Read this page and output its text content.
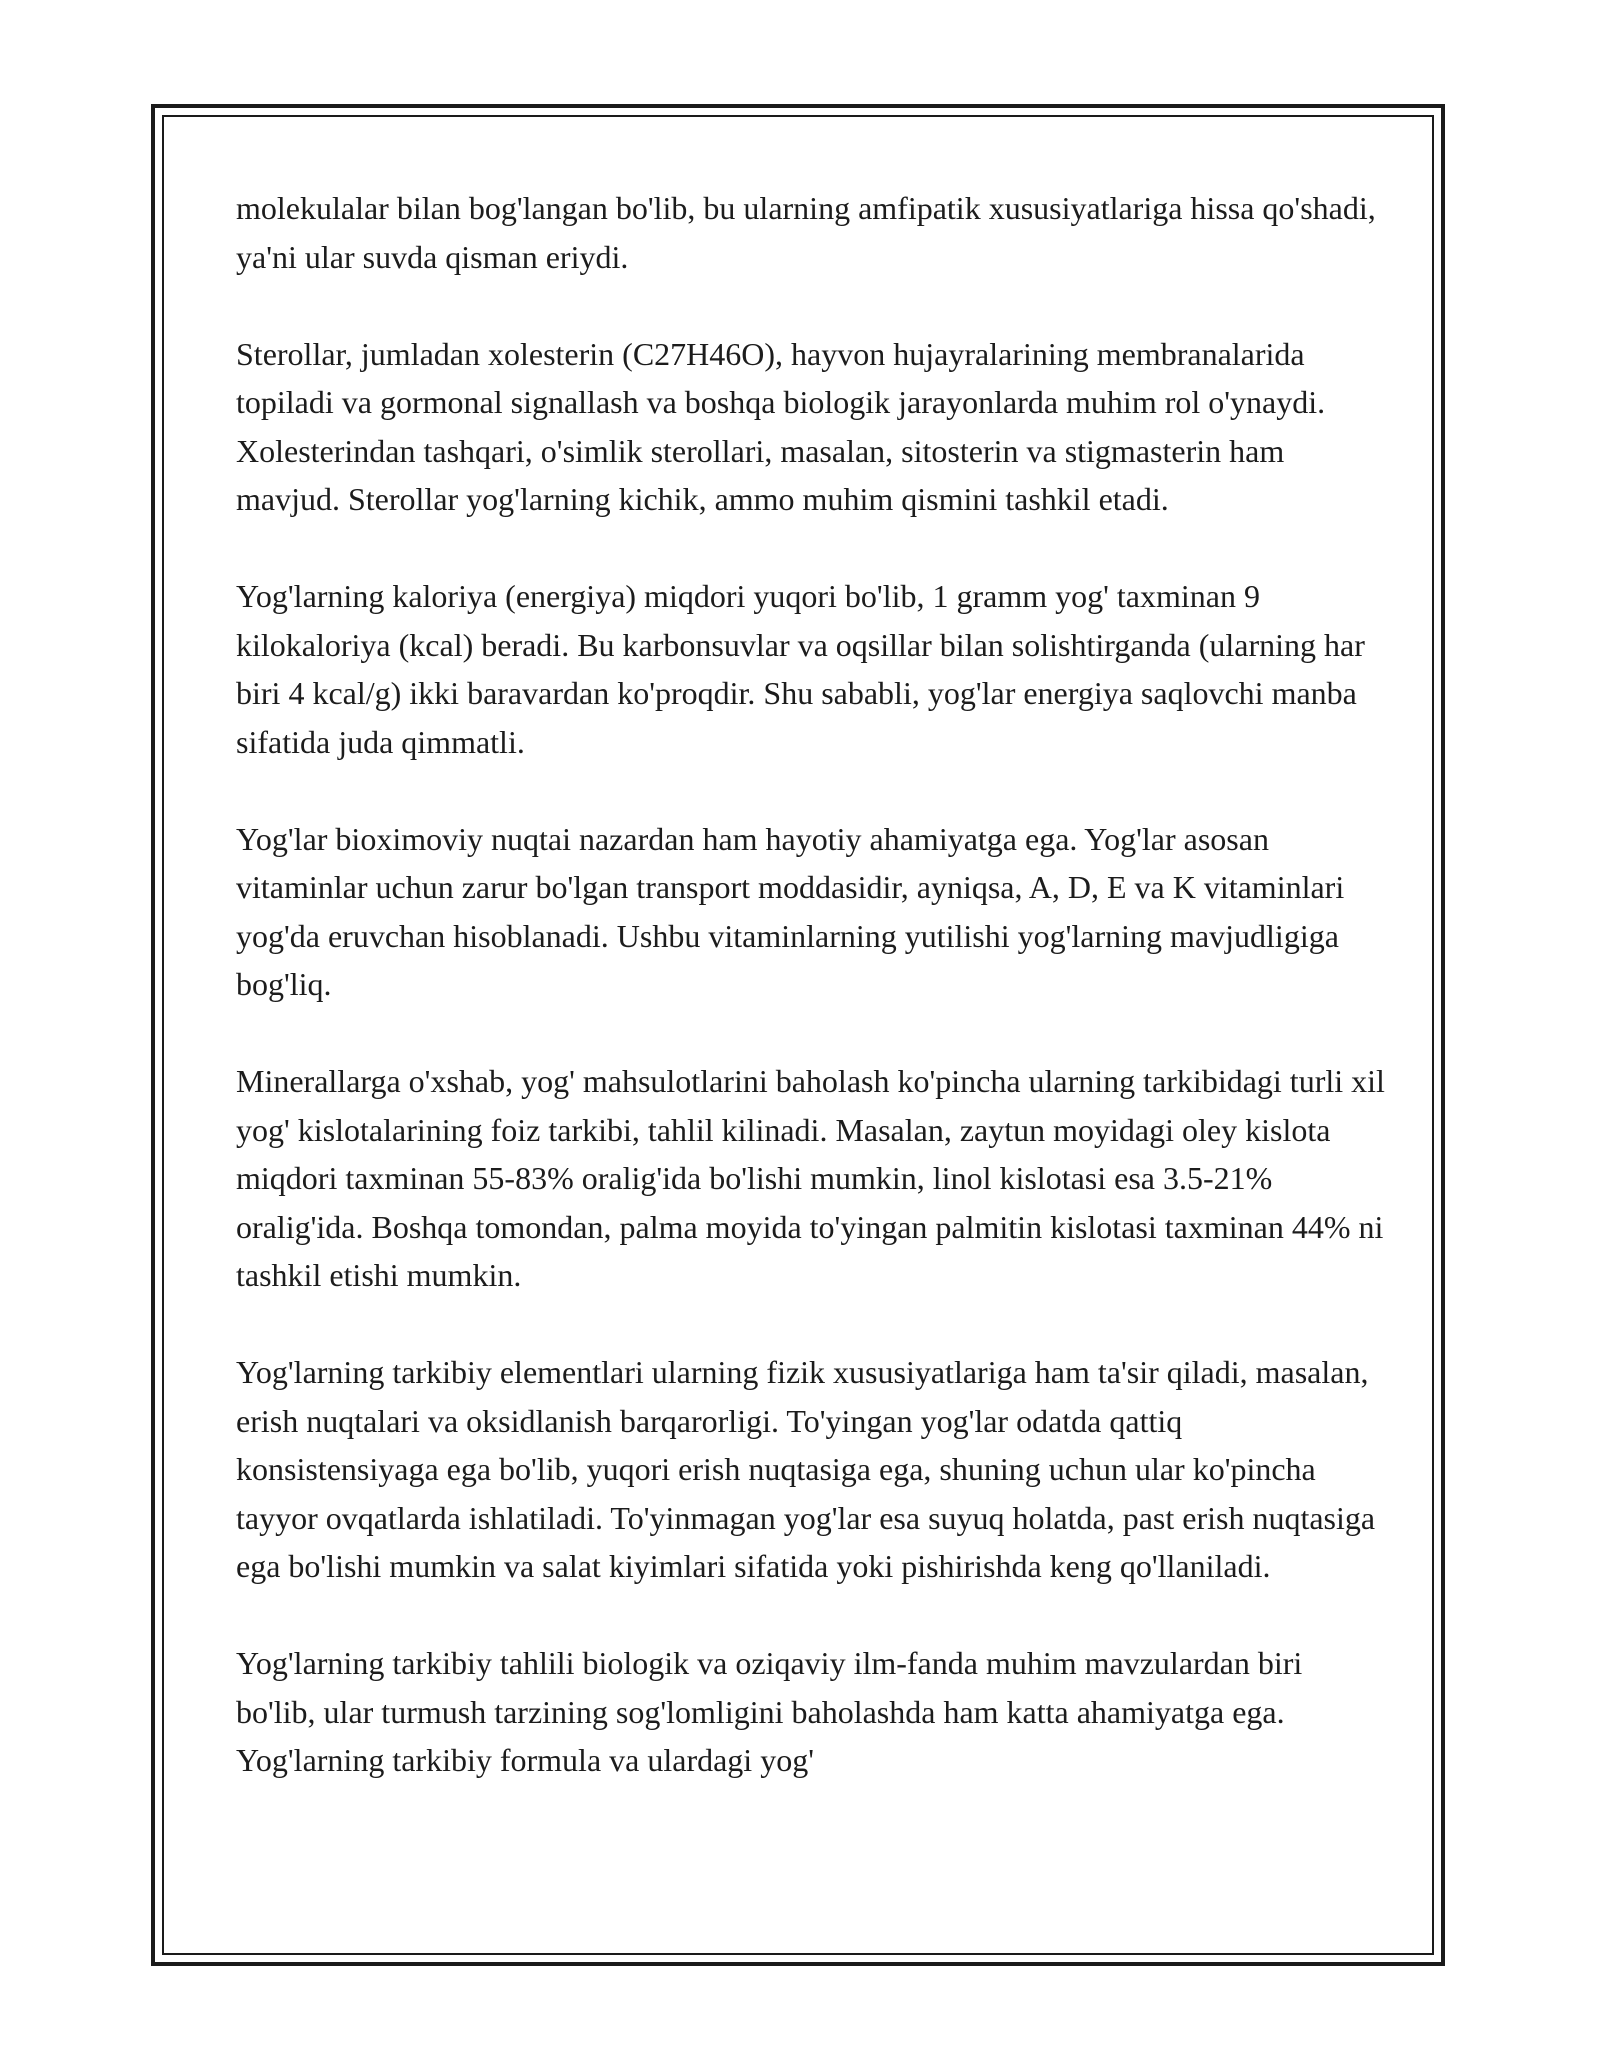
molekulalar bilan bog'langan bo'lib, bu ularning amfipatik xususiyatlariga hissa qo'shadi, ya'ni ular suvda qisman eriydi.

Sterollar, jumladan xolesterin (C27H46O), hayvon hujayralarining membranalarida topiladi va gormonal signallash va boshqa biologik jarayonlarda muhim rol o'ynaydi. Xolesterindan tashqari, o'simlik sterollari, masalan, sitosterin va stigmasterin ham mavjud. Sterollar yog'larning kichik, ammo muhim qismini tashkil etadi.

Yog'larning kaloriya (energiya) miqdori yuqori bo'lib, 1 gramm yog' taxminan 9 kilokaloriya (kcal) beradi. Bu karbonsuvlar va oqsillar bilan solishtirganda (ularning har biri 4 kcal/g) ikki baravardan ko'proqdir. Shu sababli, yog'lar energiya saqlovchi manba sifatida juda qimmatli.

Yog'lar bioximoviy nuqtai nazardan ham hayotiy ahamiyatga ega. Yog'lar asosan vitaminlar uchun zarur bo'lgan transport moddasidir, ayniqsa, A, D, E va K vitaminlari yog'da eruvchan hisoblanadi. Ushbu vitaminlarning yutilishi yog'larning mavjudligiga bog'liq.

Minerallarga o'xshab, yog' mahsulotlarini baholash ko'pincha ularning tarkibidagi turli xil yog' kislotalarining foiz tarkibi, tahlil kilinadi. Masalan, zaytun moyidagi oley kislota miqdori taxminan 55-83% oralig'ida bo'lishi mumkin, linol kislotasi esa 3.5-21% oralig'ida. Boshqa tomondan, palma moyida to'yingan palmitin kislotasi taxminan 44% ni tashkil etishi mumkin.

Yog'larning tarkibiy elementlari ularning fizik xususiyatlariga ham ta'sir qiladi, masalan, erish nuqtalari va oksidlanish barqarorligi. To'yingan yog'lar odatda qattiq konsistensiyaga ega bo'lib, yuqori erish nuqtasiga ega, shuning uchun ular ko'pincha tayyor ovqatlarda ishlatiladi. To'yinmagan yog'lar esa suyuq holatda, past erish nuqtasiga ega bo'lishi mumkin va salat kiyimlari sifatida yoki pishirishda keng qo'llaniladi.

Yog'larning tarkibiy tahlili biologik va oziqaviy ilm-fanda muhim mavzulardan biri bo'lib, ular turmush tarzining sog'lomligini baholashda ham katta ahamiyatga ega. Yog'larning tarkibiy formula va ulardagi yog'
